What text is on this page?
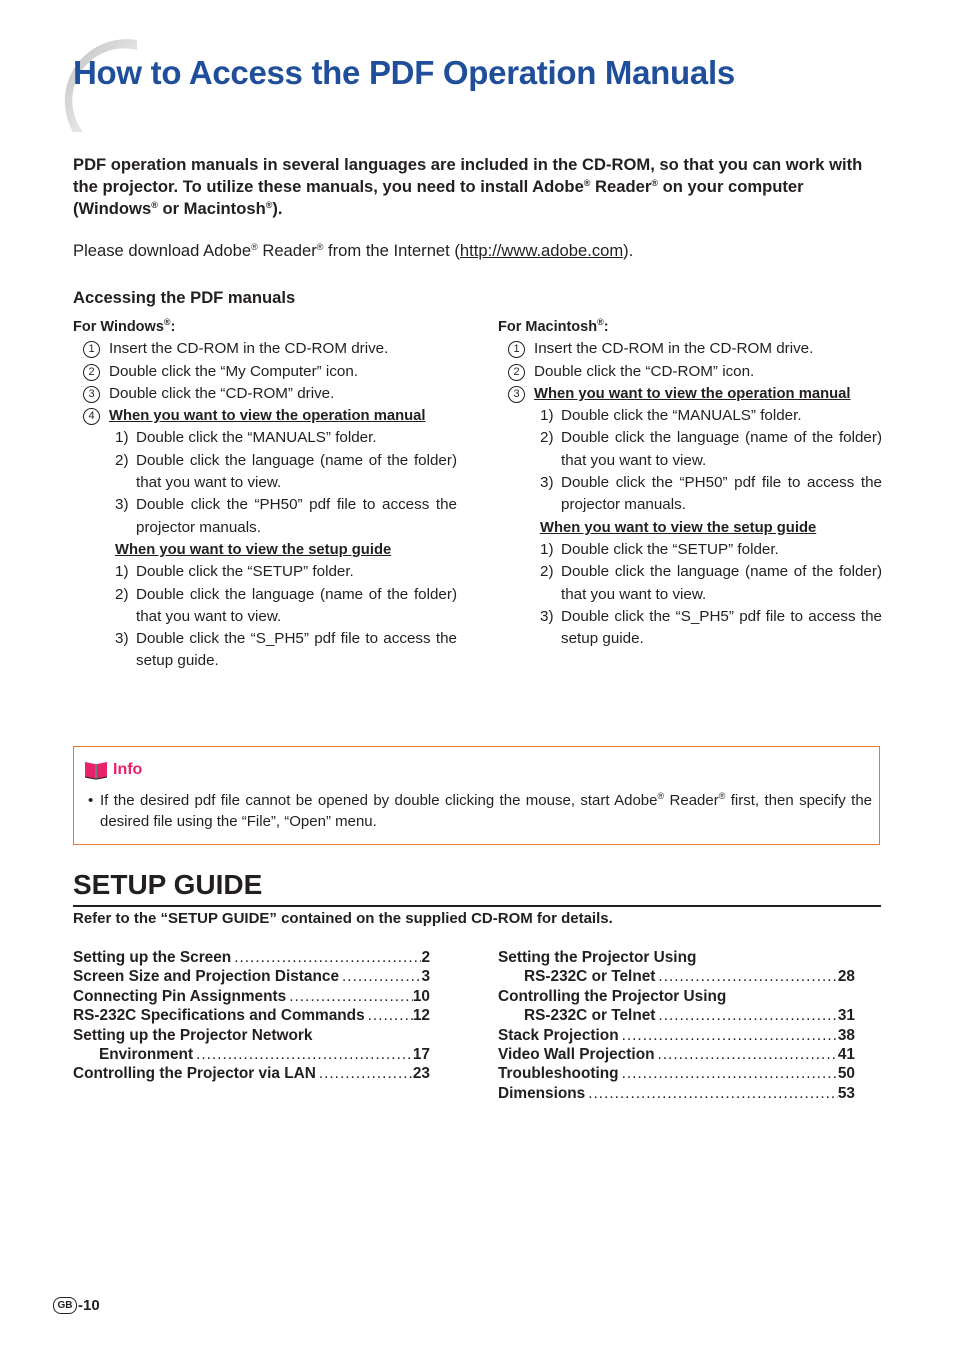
How to Access the PDF Operation Manuals

PDF operation manuals in several languages are included in the CD-ROM, so that you can work with the projector. To utilize these manuals, you need to install Adobe® Reader® on your computer (Windows® or Macintosh®).

Please download Adobe® Reader® from the Internet (http://www.adobe.com).

Accessing the PDF manuals
For Windows®:
1 Insert the CD-ROM in the CD-ROM drive.
2 Double click the “My Computer” icon.
3 Double click the “CD-ROM” drive.
4 When you want to view the operation manual
1) Double click the “MANUALS” folder.
2) Double click the language (name of the folder) that you want to view.
3) Double click the “PH50” pdf file to access the projector manuals.
When you want to view the setup guide
1) Double click the “SETUP” folder.
2) Double click the language (name of the folder) that you want to view.
3) Double click the “S_PH5” pdf file to access the setup guide.
For Macintosh®:
1 Insert the CD-ROM in the CD-ROM drive.
2 Double click the “CD-ROM” icon.
3 When you want to view the operation manual
1) Double click the “MANUALS” folder.
2) Double click the language (name of the folder) that you want to view.
3) Double click the “PH50” pdf file to access the projector manuals.
When you want to view the setup guide
1) Double click the “SETUP” folder.
2) Double click the language (name of the folder) that you want to view.
3) Double click the “S_PH5” pdf file to access the setup guide.
Info
• If the desired pdf file cannot be opened by double clicking the mouse, start Adobe® Reader® first, then specify the desired file using the “File”, “Open” menu.
SETUP GUIDE

Refer to the “SETUP GUIDE” contained on the supplied CD-ROM for details.

Setting up the Screen .....	2
Screen Size and Projection Distance .....	3
Connecting Pin Assignments .....	10
RS-232C Specifications and Commands .....	12
Setting up the Projector Network
Environment .....	17
Controlling the Projector via LAN .....	23
Setting the Projector Using
RS-232C or Telnet .....	28
Controlling the Projector Using
RS-232C or Telnet .....	31
Stack Projection .....	38
Video Wall Projection .....	41
Troubleshooting .....	50
Dimensions .....	53
GB -10
